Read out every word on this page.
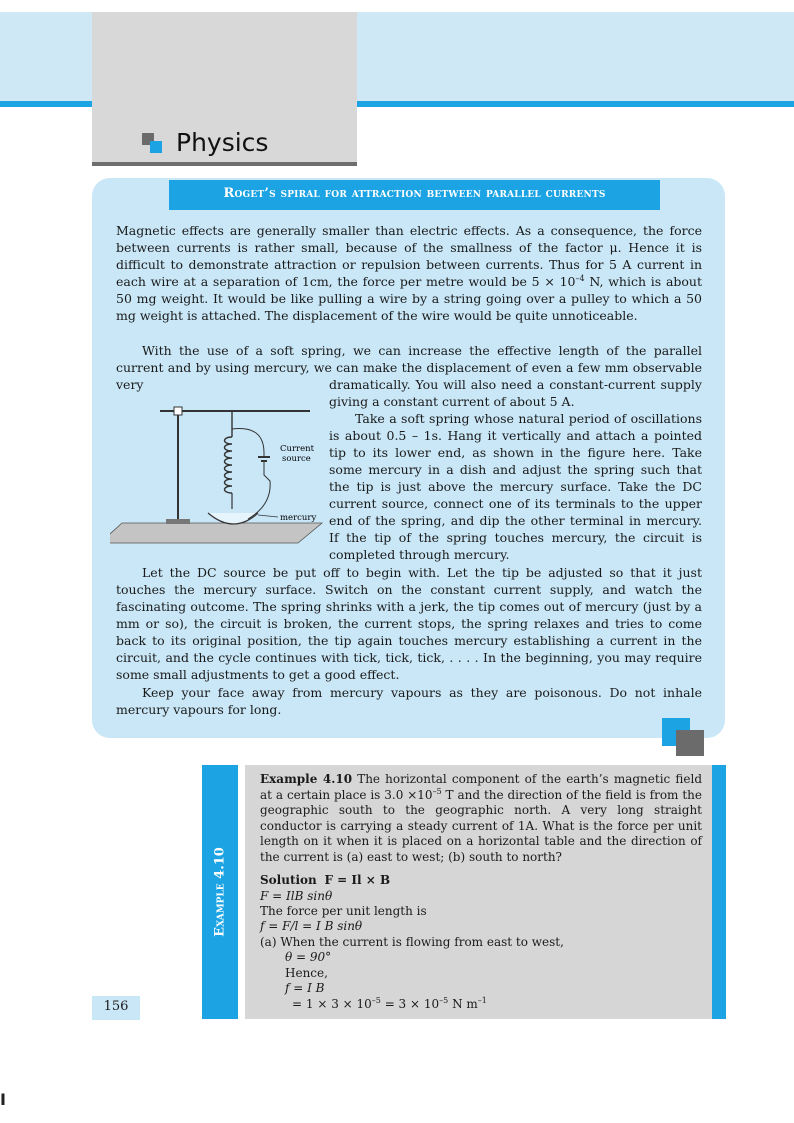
I
Physics
Roget’s spiral for attraction between parallel currents

Magnetic effects are generally smaller than electric effects. As a consequence, the force between currents is rather small, because of the smallness of the factor μ. Hence it is difficult to demonstrate attraction or repulsion between currents. Thus for 5 A current in each wire at a separation of 1cm, the force per metre would be $5 \times 10^{-4}$ N, which is about 50 mg weight. It would be like pulling a wire by a string going over a pulley to which a 50 mg weight is attached. The displacement of the wire would be quite unnoticeable.

With the use of a soft spring, we can increase the effective length of the parallel current and by using mercury, we can make the displacement of even a few mm observable very	dramatically. You will also need a constant-current supply giving a constant current of about 5 A.

Take a soft spring whose natural period of oscillations is about 0.5 – 1s. Hang it vertically and attach a pointed tip to its lower end, as shown in the figure here. Take some mercury in a dish and adjust the spring such that the tip is just above the mercury surface. Take the DC current source, connect one of its terminals to the upper end of the spring, and dip the other terminal in mercury. If the tip of the spring touches mercury, the circuit is completed through mercury.

Current
source
mercury

Let the DC source be put off to begin with. Let the tip be adjusted so that it just touches the mercury surface. Switch on the constant current supply, and watch the fascinating outcome. The spring shrinks with a jerk, the tip comes out of mercury (just by a mm or so), the circuit is broken, the current stops, the spring relaxes and tries to come back to its original position, the tip again touches mercury establishing a current in the circuit, and the cycle continues with tick, tick, tick, . . . . In the beginning, you may require some small adjustments to get a good effect.

Keep your face away from mercury vapours as they are poisonous. Do not inhale mercury vapours for long.

Example 4.10

Example 4.10 The horizontal component of the earth’s magnetic field at a certain place is $3.0 \times 10^{-5}$ T and the direction of the field is from the geographic south to the geographic north. A very long straight conductor is carrying a steady current of 1A. What is the force per unit length on it when it is placed on a horizontal table and the direction of the current is (a) east to west; (b) south to north?

Solution F = Il × B

F = IlB sinθ

The force per unit length is

f = F/l = I B sinθ

(a) When the current is flowing from east to west,

θ = 90°

Hence,

f = I B

= $1 \times 3 \times 10^{-5} = 3 \times 10^{-5}$ N $m^{-1}$

156
